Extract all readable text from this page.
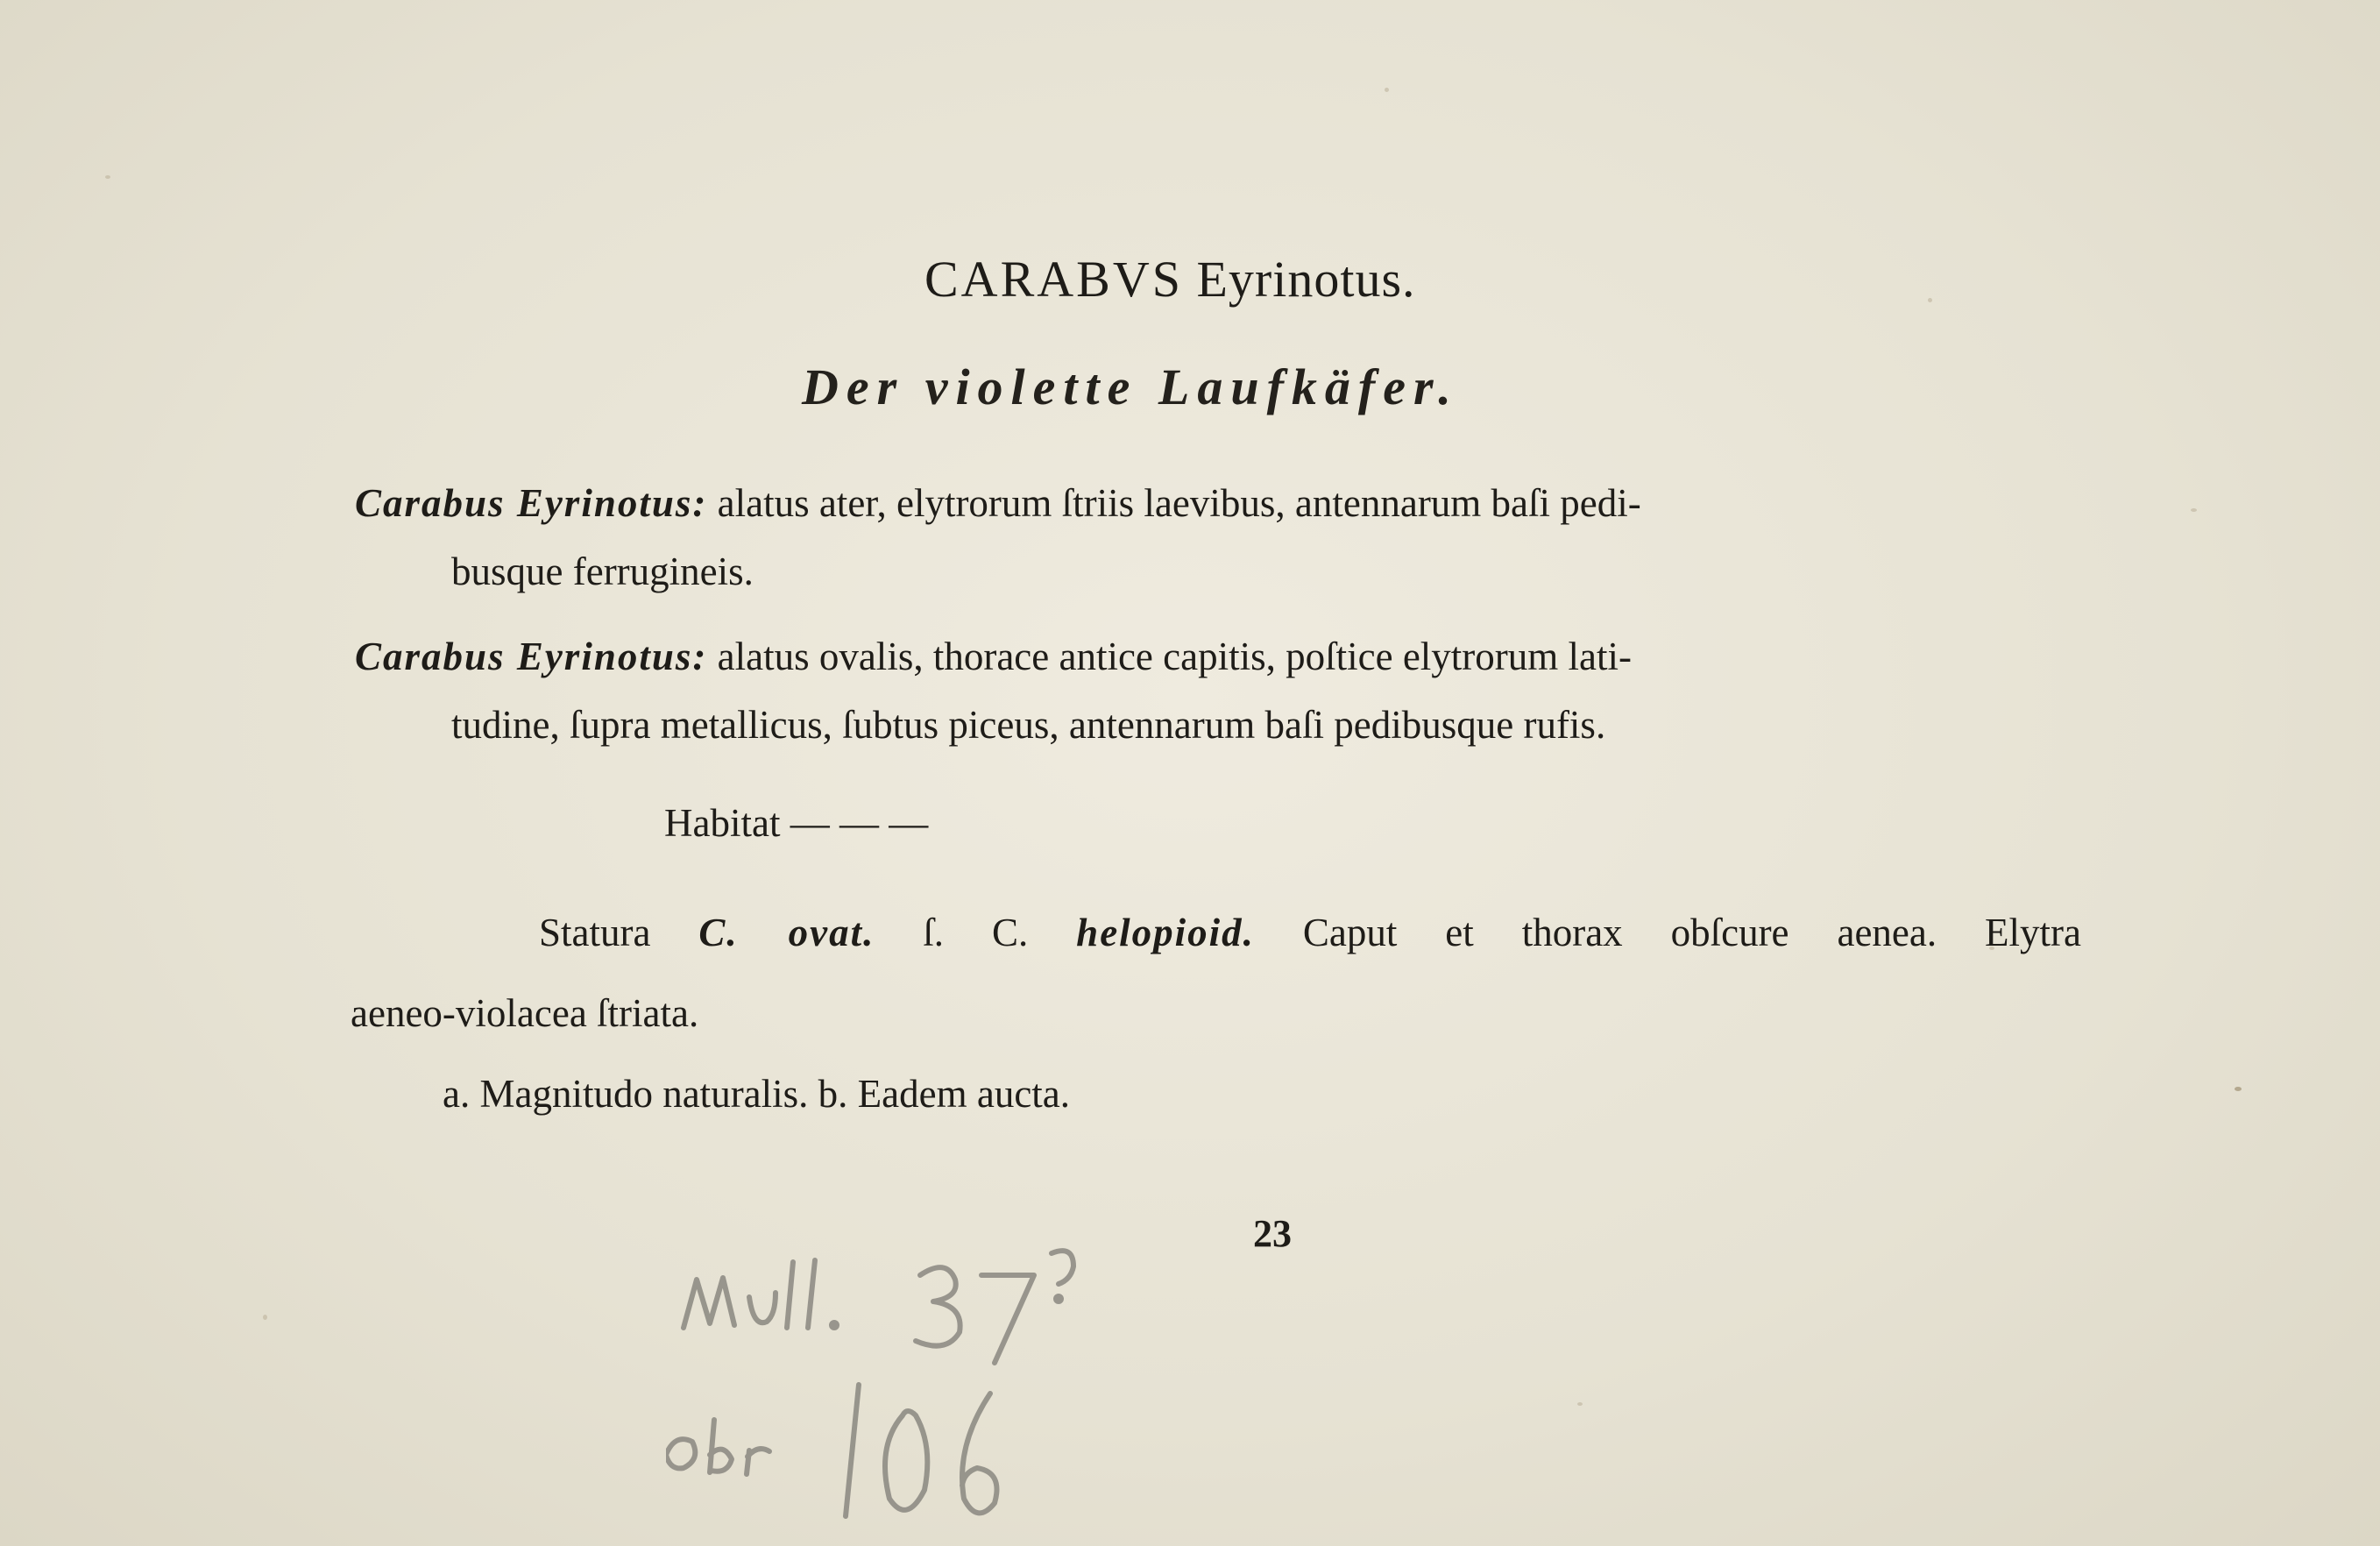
CARABVS Eyrinotus.
Der violette Laufkäfer.
Carabus Eyrinotus: alatus ater, elytrorum ſtriis laevibus, antennarum baſi pedi-
busque ferrugineis.
Carabus Eyrinotus: alatus ovalis, thorace antice capitis, poſtice elytrorum lati-
tudine, ſupra metallicus, ſubtus piceus, antennarum baſi pedibusque rufis.
Habitat — — —
Statura C. ovat. ſ. C. helopioid. Caput et thorax obſcure aenea. Elytra
aeneo-violacea ſtriata.
a. Magnitudo naturalis. b. Eadem aucta.
23
